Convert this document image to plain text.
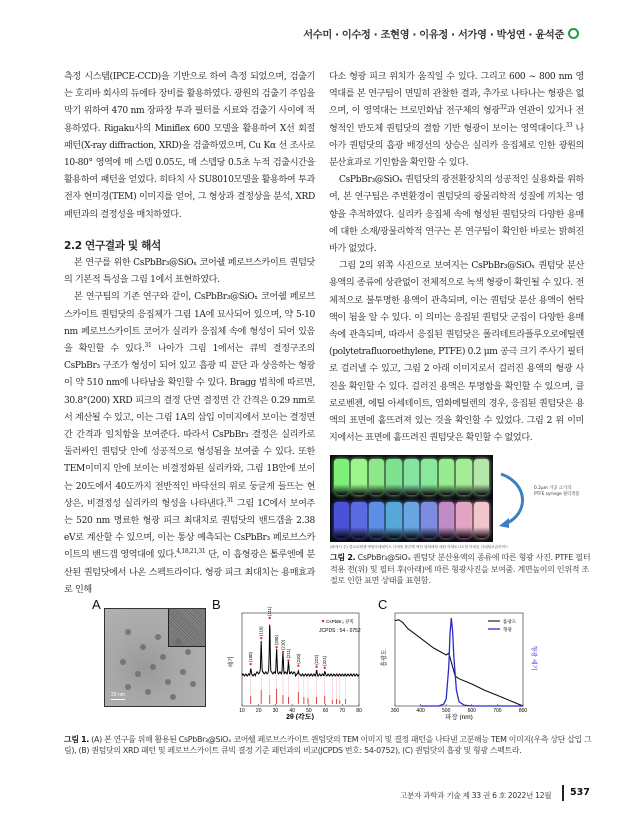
서수미 · 이수정 · 조현영 · 이유정 · 서가영 · 박성연 · 윤석준

측정 시스템(IPCE-CCD)을 기반으로 하여 측정 되었으며, 검출기는 호리바 회사의 듀에타 장비를 활용하였다. 광원의 검출기 주입을 막기 위하여 470 nm 장파장 투과 필터를 시료와 검출기 사이에 적용하였다. Rigaku사의 Miniflex 600 모델을 활용하여 X선 회절 패턴(X-ray diffraction, XRD)을 검출하였으며, Cu Kα 선 조사로 10-80° 영역에 매 스텝 0.05도, 매 스텝당 0.5초 누적 검출시간을 활용하여 패턴을 얻었다. 히타치 사 SU8010모델을 활용하여 투과 전자 현미경(TEM) 이미지를 얻어, 그 형상과 결정상을 분석, XRD 패턴과의 결정성을 매치하였다.

2.2 연구결과 및 해석

본 연구를 위한 CsPbBr₃@SiOₓ 코어쉘 페로브스카이트 퀀텀닷의 기본적 특성을 그림 1에서 표현하였다.

본 연구팀의 기존 연구와 같이, CsPbBr₃@SiOₓ 코어쉘 페로브스카이트 퀀텀닷의 응집체가 그림 1A에 묘사되어 있으며, 약 5-10 nm 페로브스카이트 코어가 실리카 응집체 속에 형성이 되어 있음을 확인할 수 있다.$^{31}$ 나아가 그림 1에서는 큐빅 결정구조의 CsPbBr₃ 구조가 형성이 되어 있고 흡광 띠 끝단 과 상응하는 형광이 약 510 nm에 나타남을 확인할 수 있다. Bragg 법칙에 따르면, 30.8°(200) XRD 피크의 결정 단면 결정면 간 간격은 0.29 nm로서 계산될 수 있고, 이는 그림 1A의 삽입 이미지에서 보이는 결정면 간 간격과 일치함을 보여준다. 따라서 CsPbBr₃ 결정은 실리카로 둘러싸인 퀀텀닷 안에 성공적으로 형성됨을 보여줄 수 있다. 또한 TEM이미지 안에 보이는 비결정화된 실리카와, 그림 1B안에 보이는 20도에서 40도까지 전반적인 바닥선의 위로 둥글게 들뜨는 현상은, 비결정성 실리카의 형성을 나타낸다.$^{31}$ 그림 1C에서 보여주는 520 nm 명료한 형광 피크 최대치로 퀀텀닷의 밴드갭을 2.38 eV로 계산할 수 있으며, 이는 통상 예측되는 CsPbBr₃ 페로브스카이트의 밴드갭 영역대에 있다.$^{4,18,21,31}$ 단, 이 흡형광은 톨루엔에 분산된 퀀텀닷에서 나온 스펙트라이다. 형광 피크 최대치는 용매효과로 인해

다소 형광 피크 위치가 움직일 수 있다. 그리고 600 ~ 800 nm 영역대를 본 연구팀이 면밀히 관찰한 결과, 추가로 나타나는 형광은 없으며, 이 영역대는 브로민화납 전구체의 형광$^{32}$과 연관이 있거나 전형적인 반도체 퀀텀닷의 결함 기반 형광이 보이는 영역대이다.$^{33}$ 나아가 퀀텀닷의 흡광 배경선의 상승은 실리카 응집체로 인한 광원의 분산효과로 기인함을 확인할 수 있다.

CsPbBr₃@SiOₓ 퀀텀닷의 광전환장치의 성공적인 실용화를 위하여, 본 연구팀은 주변환경이 퀀텀닷의 광물리학적 성질에 끼치는 영향을 추적하였다. 실리카 응집체 속에 형성된 퀀텀닷의 다양한 용매에 대한 소재/광물리학적 연구는 본 연구팀이 확인한 바로는 밝혀진 바가 없었다.

그림 2의 위쪽 사진으로 보여지는 CsPbBr₃@SiOₓ 퀀텀닷 분산용액의 종류에 상관없이 전체적으로 녹색 형광이 확인될 수 있다. 전체적으로 불투명한 용액이 관측되며, 이는 퀀텀닷 분산 용액이 현탁액이 됨을 알 수 있다. 이 의미는 응집된 퀀텀닷 군집이 다양한 용매 속에 관측되며, 따라서 응집된 퀀텀닷은 폴리테트라플루오로에틸렌(polytetrafluoroethylene, PTFE) 0.2 μm 공극 크기 주사기 필터로 걸러낼 수 있고, 그림 2 아래 이미지로서 걸러진 용액의 형광 사진을 확인할 수 있다. 걸러진 용액은 투명함을 확인할 수 있으며, 클로로벤젠, 에틸 아세테이트, 염화메틸렌의 경우, 응집된 퀀텀닷은 용액의 표면에 흩뜨려져 있는 것을 확인할 수 있었다. 그림 2 위 이미지에서는 표면에 흩뜨려진 퀀텀닷은 확인할 수 없었다.

0.2μm 기공 크기의
PTFE syringe 필터적용
(좌에서 우) 클로로벤젠 에틸아세테이트 디에틸 톨루엔 헥산 염화메틸 메탄 아세토니트릴 아세톤 디메틸포름아미드
그림 2. CsPbBr₃@SiOₓ 퀀텀닷 분산용액의 종류에 따른 형광 사진. PTFE 필터 적용 전(위) 및 필터 후(아래)에 따른 형광사진을 보여줌. 계면높이의 인위적 조절로 인한 표면 상태를 표현함.
A
20 nm
B	C
(100)
(110)
(111)
(200) (210)
(211)
(220)	(222) (321)
10 20 30 40 50 60 70 80
세기
2θ (각도)
CsPbBr₃ 큐빅
JCPDS : 54 - 0752
300	400	500	600	700	800
흡광도	형광 세기
파장 (nm)
흡광도
형광
그림 1. (A) 본 연구를 위해 활용된 CsPbBr₃@SiOₓ 코어쉘 페로브스카이트 퀀텀닷의 TEM 이미지 및 결정 패턴을 나타낸 고분해능 TEM 이미지(우측 상단 삽입 그림), (B) 퀀텀닷의 XRD 패턴 및 페로브스카이트 큐빅 결정 기준 패턴과의 비교(JCPDS 번호: 54-0752), (C) 퀀텀닷의 흡광 및 형광 스펙트라.
고분자 과학과 기술 제 33 권 6 호 2022년 12월 537
